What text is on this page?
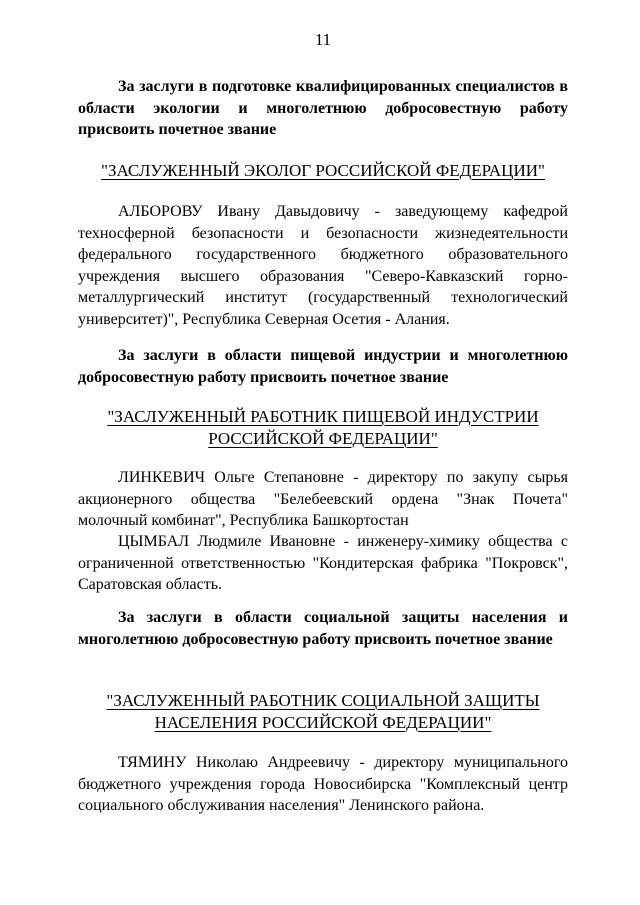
11
За заслуги в подготовке квалифицированных специалистов в области экологии и многолетнюю добросовестную работу присвоить почетное звание
"ЗАСЛУЖЕННЫЙ ЭКОЛОГ РОССИЙСКОЙ ФЕДЕРАЦИИ"
АЛБОРОВУ Ивану Давыдовичу - заведующему кафедрой техносферной безопасности и безопасности жизнедеятельности федерального государственного бюджетного образовательного учреждения высшего образования "Северо-Кавказский горно-металлургический институт (государственный технологический университет)", Республика Северная Осетия - Алания.
За заслуги в области пищевой индустрии и многолетнюю добросовестную работу присвоить почетное звание
"ЗАСЛУЖЕННЫЙ РАБОТНИК ПИЩЕВОЙ ИНДУСТРИИ
РОССИЙСКОЙ ФЕДЕРАЦИИ"
ЛИНКЕВИЧ Ольге Степановне - директору по закупу сырья акционерного общества "Белебеевский ордена "Знак Почета" молочный комбинат", Республика Башкортостан
ЦЫМБАЛ Людмиле Ивановне - инженеру-химику общества с ограниченной ответственностью "Кондитерская фабрика "Покровск", Саратовская область.
За заслуги в области социальной защиты населения и многолетнюю добросовестную работу присвоить почетное звание
"ЗАСЛУЖЕННЫЙ РАБОТНИК СОЦИАЛЬНОЙ ЗАЩИТЫ
НАСЕЛЕНИЯ РОССИЙСКОЙ ФЕДЕРАЦИИ"
ТЯМИНУ Николаю Андреевичу - директору муниципального бюджетного учреждения города Новосибирска "Комплексный центр социального обслуживания населения" Ленинского района.
